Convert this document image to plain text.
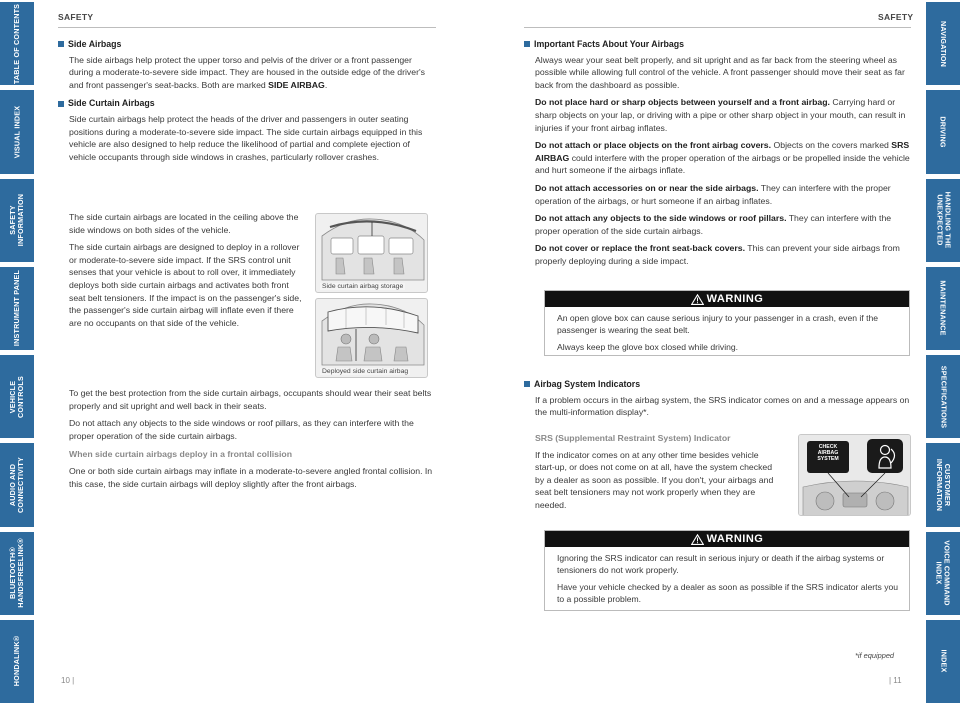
TABLE OF CONTENTS
VISUAL INDEX
SAFETY
INFORMATION
INSTRUMENT PANEL
VEHICLE
CONTROLS
AUDIO AND
CONNECTIVITY
BLUETOOTH®
HANDSFREELINK®
HONDALINK®
NAVIGATION
DRIVING
HANDLING THE
UNEXPECTED
MAINTENANCE
SPECIFICATIONS
CUSTOMER
INFORMATION
VOICE COMMAND
INDEX
INDEX
SAFETY
Side Airbags

The side airbags help protect the upper torso and pelvis of the driver or a front passenger during a moderate-to-severe side impact. They are housed in the outside edge of the driver's and front passenger's seat-backs. Both are marked SIDE AIRBAG.

Side Curtain Airbags

Side curtain airbags help protect the heads of the driver and passengers in outer seating positions during a moderate-to-severe side impact. The side curtain airbags equipped in this vehicle are also designed to help reduce the likelihood of partial and complete ejection of vehicle occupants through side windows in crashes, particularly rollover crashes.

The side curtain airbags are located in the ceiling above the side windows on both sides of the vehicle.

The side curtain airbags are designed to deploy in a rollover or moderate-to-severe side impact. If the SRS control unit senses that your vehicle is about to roll over, it immediately deploys both side curtain airbags and activates both front seat belt tensioners. If the impact is on the passenger's side, the passenger's side curtain airbag will inflate even if there are no occupants on that side of the vehicle.

To get the best protection from the side curtain airbags, occupants should wear their seat belts properly and sit upright and well back in their seats.

Do not attach any objects to the side windows or roof pillars, as they can interfere with the proper operation of the side curtain airbags.

When side curtain airbags deploy in a frontal collision

One or both side curtain airbags may inflate in a moderate-to-severe angled frontal collision. In this case, the side curtain airbags will deploy slightly after the front airbags.

Side curtain airbag storage
Deployed side curtain airbag
10 |
SAFETY
Important Facts About Your Airbags

Always wear your seat belt properly, and sit upright and as far back from the steering wheel as possible while allowing full control of the vehicle. A front passenger should move their seat as far back from the dashboard as possible.

Do not place hard or sharp objects between yourself and a front airbag. Carrying hard or sharp objects on your lap, or driving with a pipe or other sharp object in your mouth, can result in injuries if your front airbag inflates.

Do not attach or place objects on the front airbag covers. Objects on the covers marked SRS AIRBAG could interfere with the proper operation of the airbags or be propelled inside the vehicle and hurt someone if the airbags inflate.

Do not attach accessories on or near the side airbags. They can interfere with the proper operation of the airbags, or hurt someone if an airbag inflates.

Do not attach any objects to the side windows or roof pillars. They can interfere with the proper operation of the side curtain airbags.

Do not cover or replace the front seat-back covers. This can prevent your side airbags from properly deploying during a side impact.

WARNING

An open glove box can cause serious injury to your passenger in a crash, even if the passenger is wearing the seat belt.

Always keep the glove box closed while driving.

Airbag System Indicators

If a problem occurs in the airbag system, the SRS indicator comes on and a message appears on the multi-information display*.

SRS (Supplemental Restraint System) Indicator

If the indicator comes on at any other time besides vehicle start-up, or does not come on at all, have the system checked by a dealer as soon as possible. If you don't, your airbags and seat belt tensioners may not work properly when they are needed.

CHECK
AIRBAG
SYSTEM
WARNING

Ignoring the SRS indicator can result in serious injury or death if the airbag systems or tensioners do not work properly.

Have your vehicle checked by a dealer as soon as possible if the SRS indicator alerts you to a possible problem.

*if equipped
| 11
